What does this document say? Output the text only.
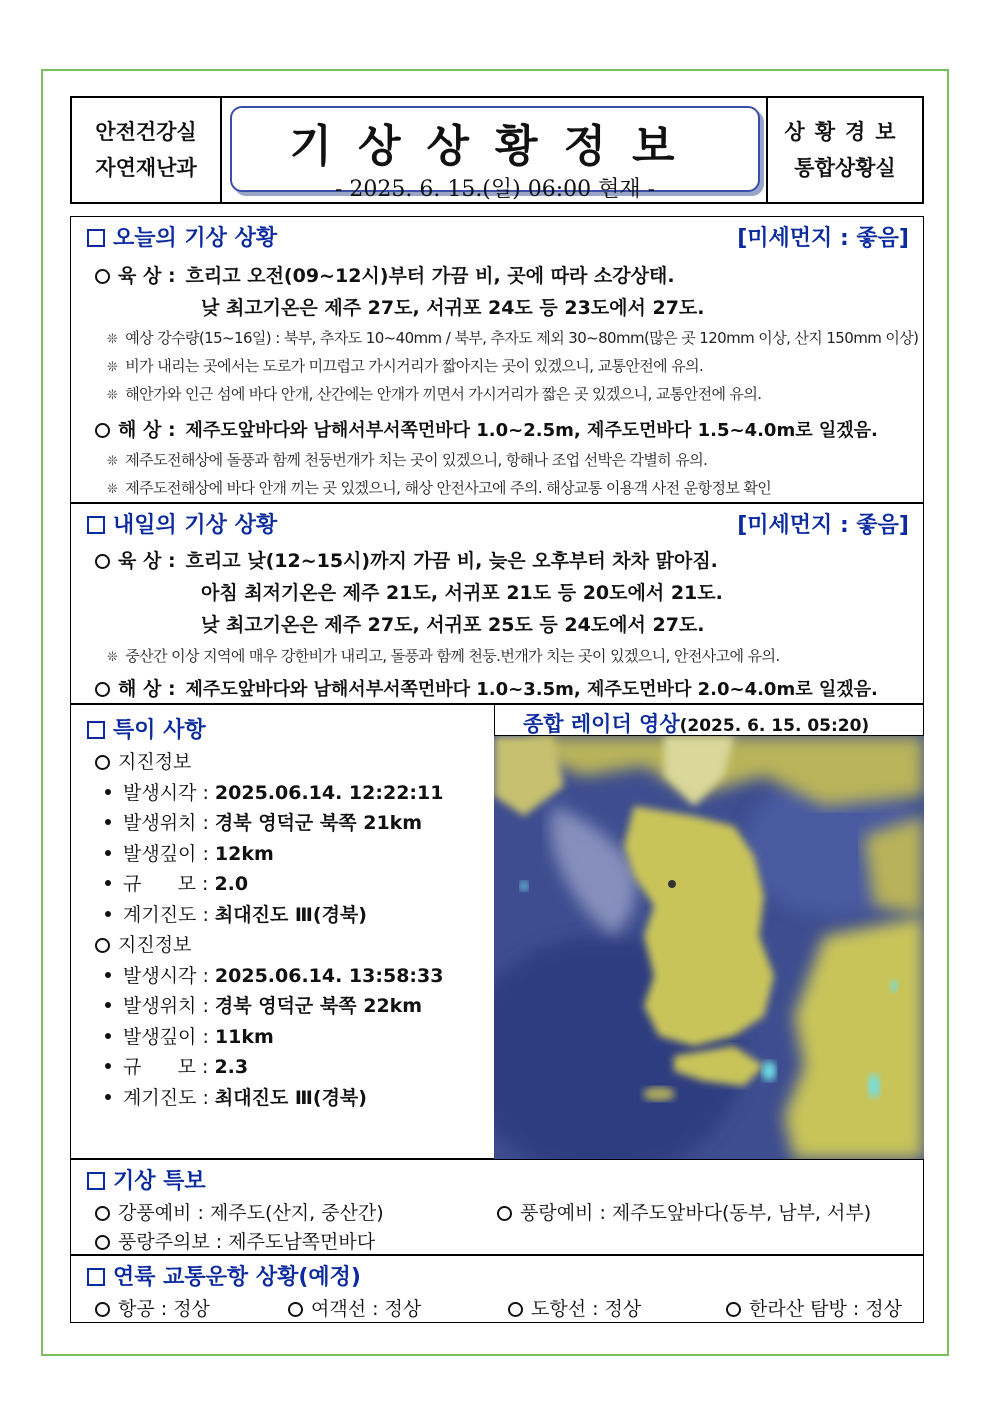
안전건강실
자연재난과	기상상황정보
- 2025. 6. 15.(일) 06:00 현재 -
상황경보
통합상황실
오늘의 기상 상황	[미세먼지 : 좋음]
육 상 : 흐리고 오전(09~12시)부터 가끔 비, 곳에 따라 소강상태.
낮 최고기온은 제주 27도, 서귀포 24도 등 23도에서 27도.
❊ 예상 강수량(15~16일) : 북부, 추자도 10~40mm / 북부, 추자도 제외 30~80mm(많은 곳 120mm 이상, 산지 150mm 이상)
❊ 비가 내리는 곳에서는 도로가 미끄럽고 가시거리가 짧아지는 곳이 있겠으니, 교통안전에 유의.
❊ 해안가와 인근 섬에 바다 안개, 산간에는 안개가 끼면서 가시거리가 짧은 곳 있겠으니, 교통안전에 유의.
해 상 : 제주도앞바다와 남해서부서쪽먼바다 1.0~2.5m, 제주도먼바다 1.5~4.0m로 일겠음.
❊ 제주도전해상에 돌풍과 함께 천둥번개가 치는 곳이 있겠으니, 항해나 조업 선박은 각별히 유의.
❊ 제주도전해상에 바다 안개 끼는 곳 있겠으니, 해상 안전사고에 주의. 해상교통 이용객 사전 운항정보 확인
내일의 기상 상황	[미세먼지 : 좋음]
육 상 : 흐리고 낮(12~15시)까지 가끔 비, 늦은 오후부터 차차 맑아짐.
아침 최저기온은 제주 21도, 서귀포 21도 등 20도에서 21도.
낮 최고기온은 제주 27도, 서귀포 25도 등 24도에서 27도.
❊ 중산간 이상 지역에 매우 강한비가 내리고, 돌풍과 함께 천둥.번개가 치는 곳이 있겠으니, 안전사고에 유의.
해 상 : 제주도앞바다와 남해서부서쪽먼바다 1.0~3.5m, 제주도먼바다 2.0~4.0m로 일겠음.
특이 사항
지진정보
발생시각 : 2025.06.14. 12:22:11
발생위치 : 경북 영덕군 북쪽 21km
발생깊이 : 12km
규      모 : 2.0
계기진도 : 최대진도 Ⅲ(경북)
지진정보
발생시각 : 2025.06.14. 13:58:33
발생위치 : 경북 영덕군 북쪽 22km
발생깊이 : 11km
규      모 : 2.3
계기진도 : 최대진도 Ⅲ(경북)
종합 레이더 영상(2025. 6. 15. 05:20)
기상 특보
강풍예비 : 제주도(산지, 중산간)	풍랑예비 : 제주도앞바다(동부, 남부, 서부)
풍랑주의보 : 제주도남쪽먼바다
연륙 교통운항 상황(예정)
항공 : 정상	여객선 : 정상	도항선 : 정상	한라산 탐방 : 정상
